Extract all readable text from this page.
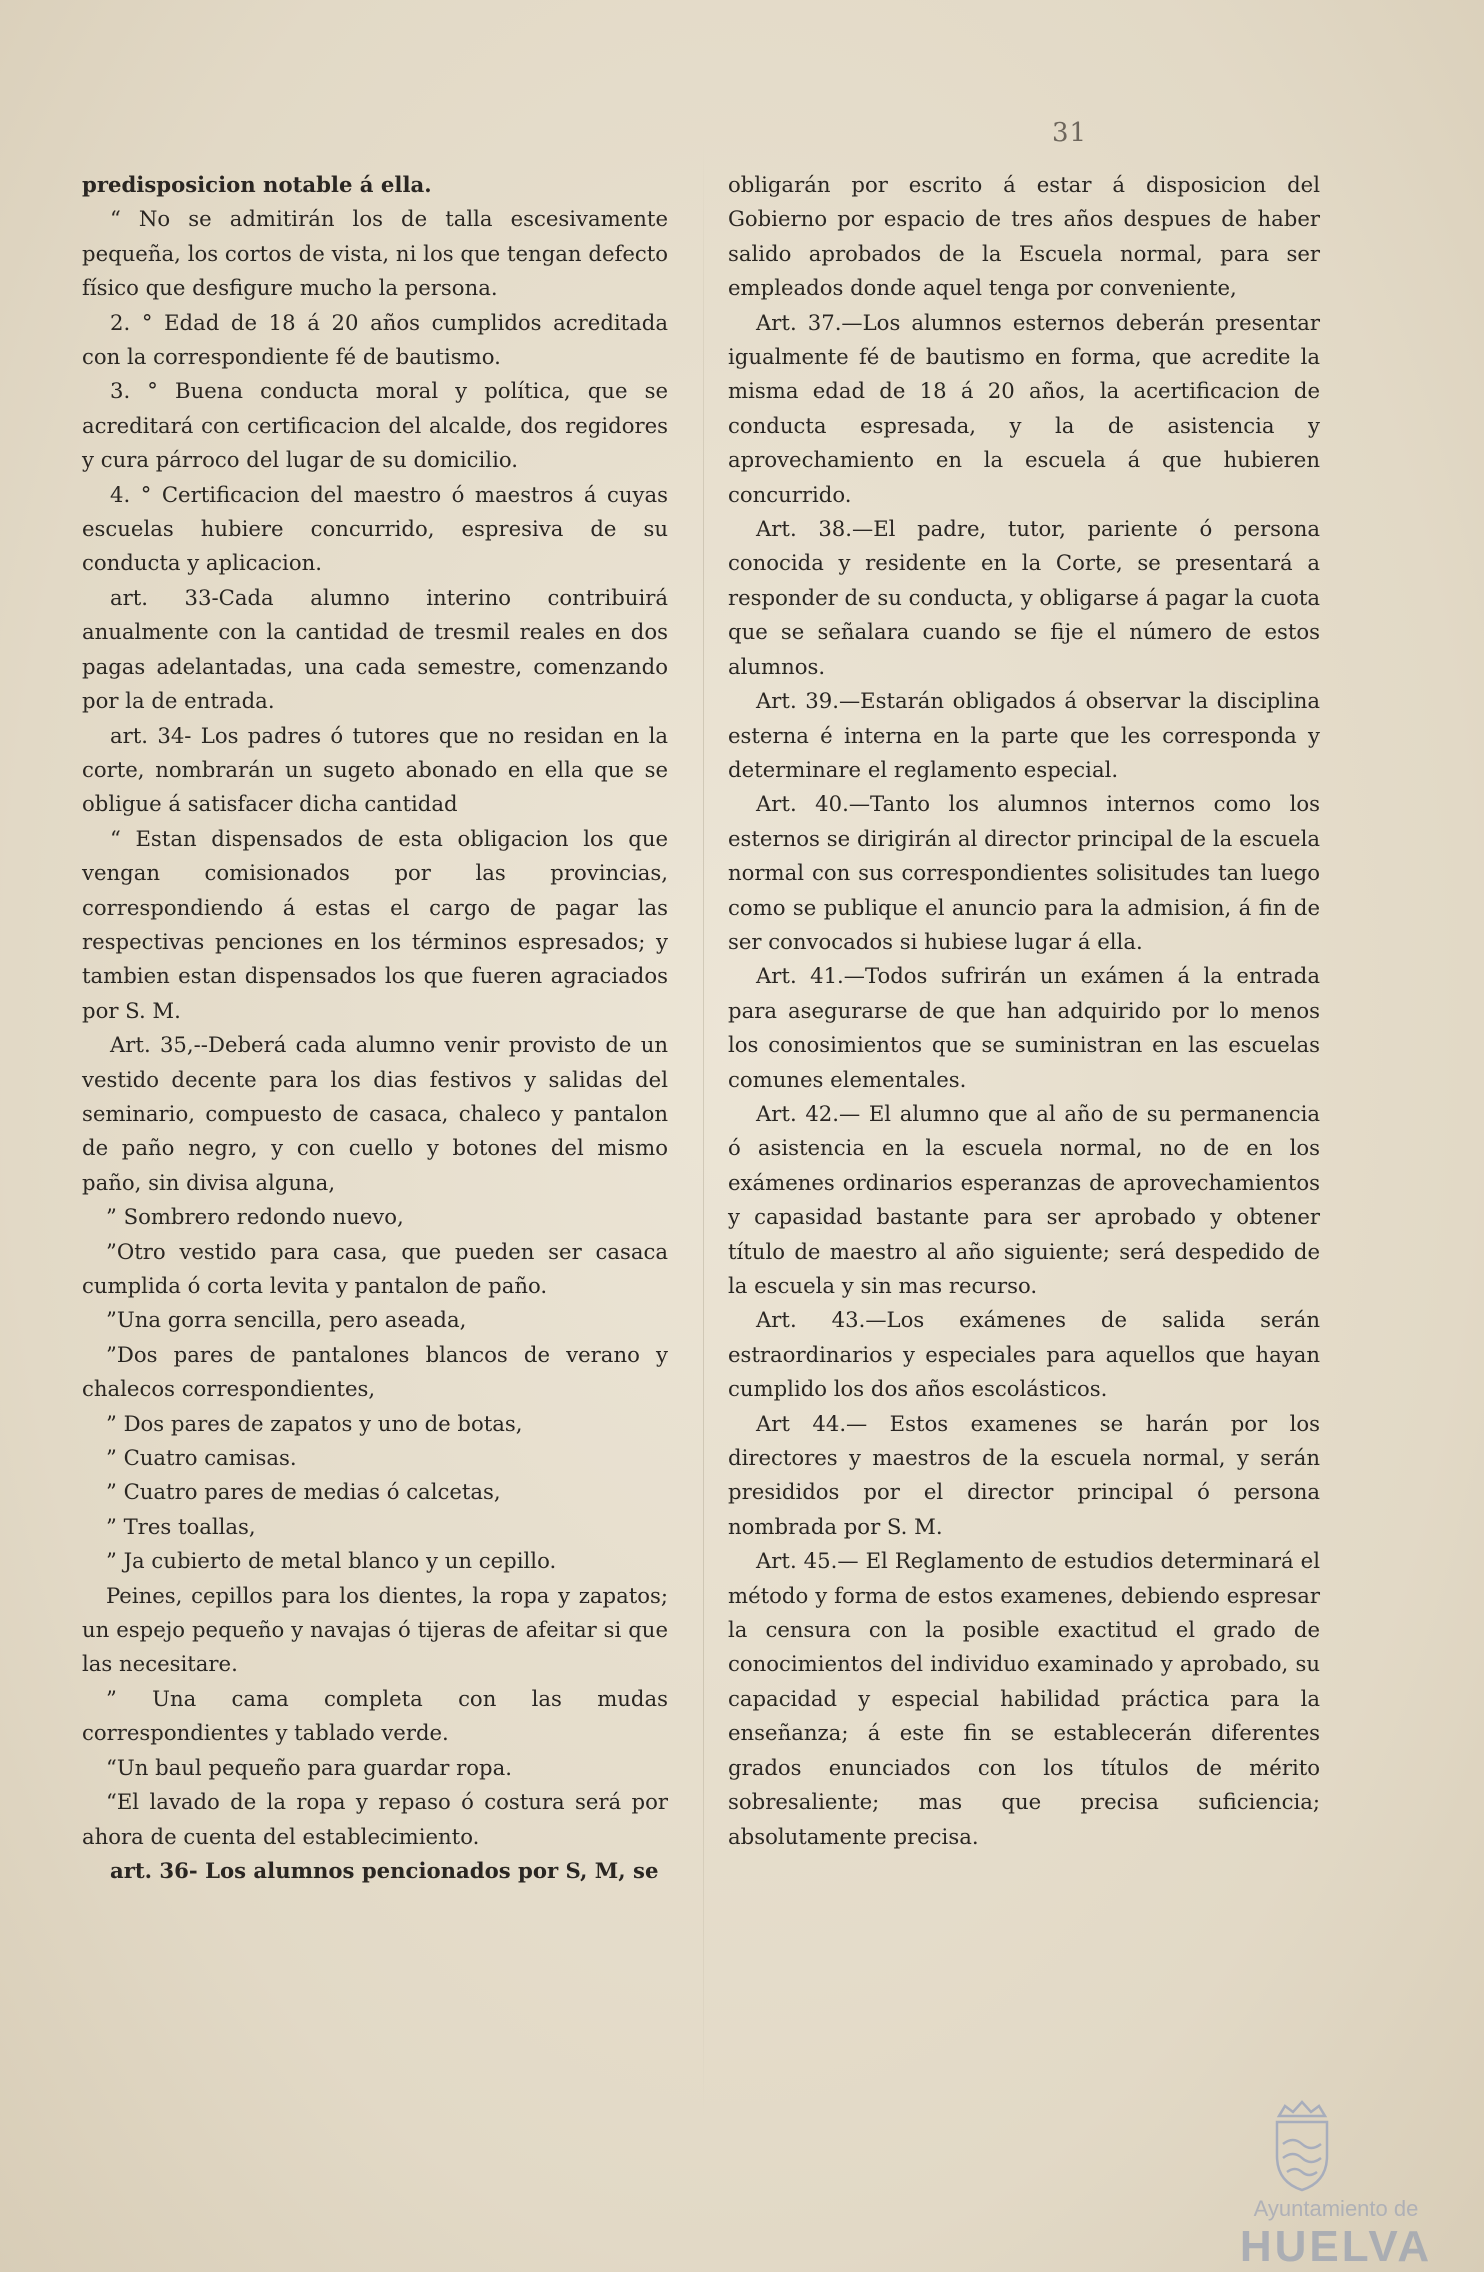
31

predisposicion notable á ella.

“ No se admitirán los de talla escesivamente pequeña, los cortos de vista, ni los que tengan defecto físico que desfigure mucho la persona.

2. ° Edad de 18 á 20 años cumplidos acreditada con la correspondiente fé de bautismo.

3. ° Buena conducta moral y política, que se acreditará con certificacion del alcalde, dos regidores y cura párroco del lugar de su domicilio.

4. ° Certificacion del maestro ó maestros á cuyas escuelas hubiere concurrido, espresiva de su conducta y aplicacion.

art. 33-Cada alumno interino contribuirá anualmente con la cantidad de tresmil reales en dos pagas adelantadas, una cada semestre, comenzando por la de entrada.

art. 34- Los padres ó tutores que no residan en la corte, nombrarán un sugeto abonado en ella que se obligue á satisfacer dicha cantidad

“ Estan dispensados de esta obligacion los que vengan comisionados por las provincias, correspondiendo á estas el cargo de pagar las respectivas penciones en los términos espresados; y tambien estan dispensados los que fueren agraciados por S. M.

Art. 35,--Deberá cada alumno venir provisto de un vestido decente para los dias festivos y salidas del seminario, compuesto de casaca, chaleco y pantalon de paño negro, y con cuello y botones del mismo paño, sin divisa alguna,

” Sombrero redondo nuevo,

”Otro vestido para casa, que pueden ser casaca cumplida ó corta levita y pantalon de paño.

”Una gorra sencilla, pero aseada,

”Dos pares de pantalones blancos de verano y chalecos correspondientes,

” Dos pares de zapatos y uno de botas,

” Cuatro camisas.

” Cuatro pares de medias ó calcetas,

” Tres toallas,

” Ja cubierto de metal blanco y un cepillo.

Peines, cepillos para los dientes, la ropa y zapatos; un espejo pequeño y navajas ó tijeras de afeitar si que las necesitare.

” Una cama completa con las mudas correspondientes y tablado verde.

“Un baul pequeño para guardar ropa.

“El lavado de la ropa y repaso ó costura será por ahora de cuenta del establecimiento.

art. 36- Los alumnos pencionados por S, M, se

obligarán por escrito á estar á disposicion del Gobierno por espacio de tres años despues de haber salido aprobados de la Escuela normal, para ser empleados donde aquel tenga por conveniente,

Art. 37.—Los alumnos esternos deberán presentar igualmente fé de bautismo en forma, que acredite la misma edad de 18 á 20 años, la acertificacion de conducta espresada, y la de asistencia y aprovechamiento en la escuela á que hubieren concurrido.

Art. 38.—El padre, tutor, pariente ó persona conocida y residente en la Corte, se presentará a responder de su conducta, y obligarse á pagar la cuota que se señalara cuando se fije el número de estos alumnos.

Art. 39.—Estarán obligados á observar la disciplina esterna é interna en la parte que les corresponda y determinare el reglamento especial.

Art. 40.—Tanto los alumnos internos como los esternos se dirigirán al director principal de la escuela normal con sus correspondientes solisitudes tan luego como se publique el anuncio para la admision, á fin de ser convocados si hubiese lugar á ella.

Art. 41.—Todos sufrirán un exámen á la entrada para asegurarse de que han adquirido por lo menos los conosimientos que se suministran en las escuelas comunes elementales.

Art. 42.— El alumno que al año de su permanencia ó asistencia en la escuela normal, no de en los exámenes ordinarios esperanzas de aprovechamientos y capasidad bastante para ser aprobado y obtener título de maestro al año siguiente; será despedido de la escuela y sin mas recurso.

Art. 43.—Los exámenes de salida serán estraordinarios y especiales para aquellos que hayan cumplido los dos años escolásticos.

Art 44.— Estos examenes se harán por los directores y maestros de la escuela normal, y serán presididos por el director principal ó persona nombrada por S. M.

Art. 45.— El Reglamento de estudios determinará el método y forma de estos examenes, debiendo espresar la censura con la posible exactitud el grado de conocimientos del individuo examinado y aprobado, su capacidad y especial habilidad práctica para la enseñanza; á este fin se establecerán diferentes grados enunciados con los títulos de mérito sobresaliente; mas que precisa suficiencia; absolutamente precisa.

Ayuntamiento de
HUELVA
